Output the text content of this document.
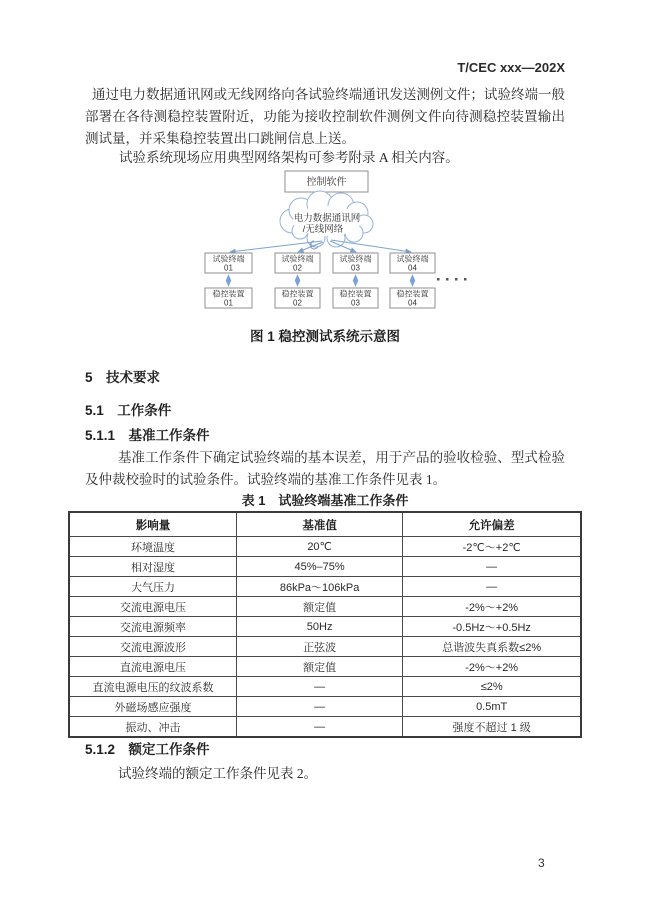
T/CEC xxx—202X
通过电力数据通讯网或无线网络向各试验终端通讯发送测例文件；试验终端一般部署在各待测稳控装置附近，功能为接收控制软件测例文件向待测稳控装置输出测试量，并采集稳控装置出口跳闸信息上送。
试验系统现场应用典型网络架构可参考附录 A 相关内容。
控制软件
电力数据通讯网
/无线网络
试验终端
01
试验终端
02
试验终端
03
试验终端
04
稳控装置
01
稳控装置
02
稳控装置
03
稳控装置
04
图 1 稳控测试系统示意图
5　技术要求
5.1　工作条件
5.1.1　基准工作条件
基准工作条件下确定试验终端的基本误差，用于产品的验收检验、型式检验及仲裁校验时的试验条件。试验终端的基准工作条件见表 1。
表 1　试验终端基准工作条件
影响量	基准值	允许偏差
环境温度	20℃	-2℃～+2℃
相对湿度	45%–75%	—
大气压力	86kPa～106kPa	—
交流电源电压	额定值	-2%～+2%
交流电源频率	50Hz	-0.5Hz～+0.5Hz
交流电源波形	正弦波	总谐波失真系数≤2%
直流电源电压	额定值	-2%～+2%
直流电源电压的纹波系数	—	≤2%
外磁场感应强度	—	0.5mT
振动、冲击	—	强度不超过 1 级
5.1.2　额定工作条件
试验终端的额定工作条件见表 2。
3
